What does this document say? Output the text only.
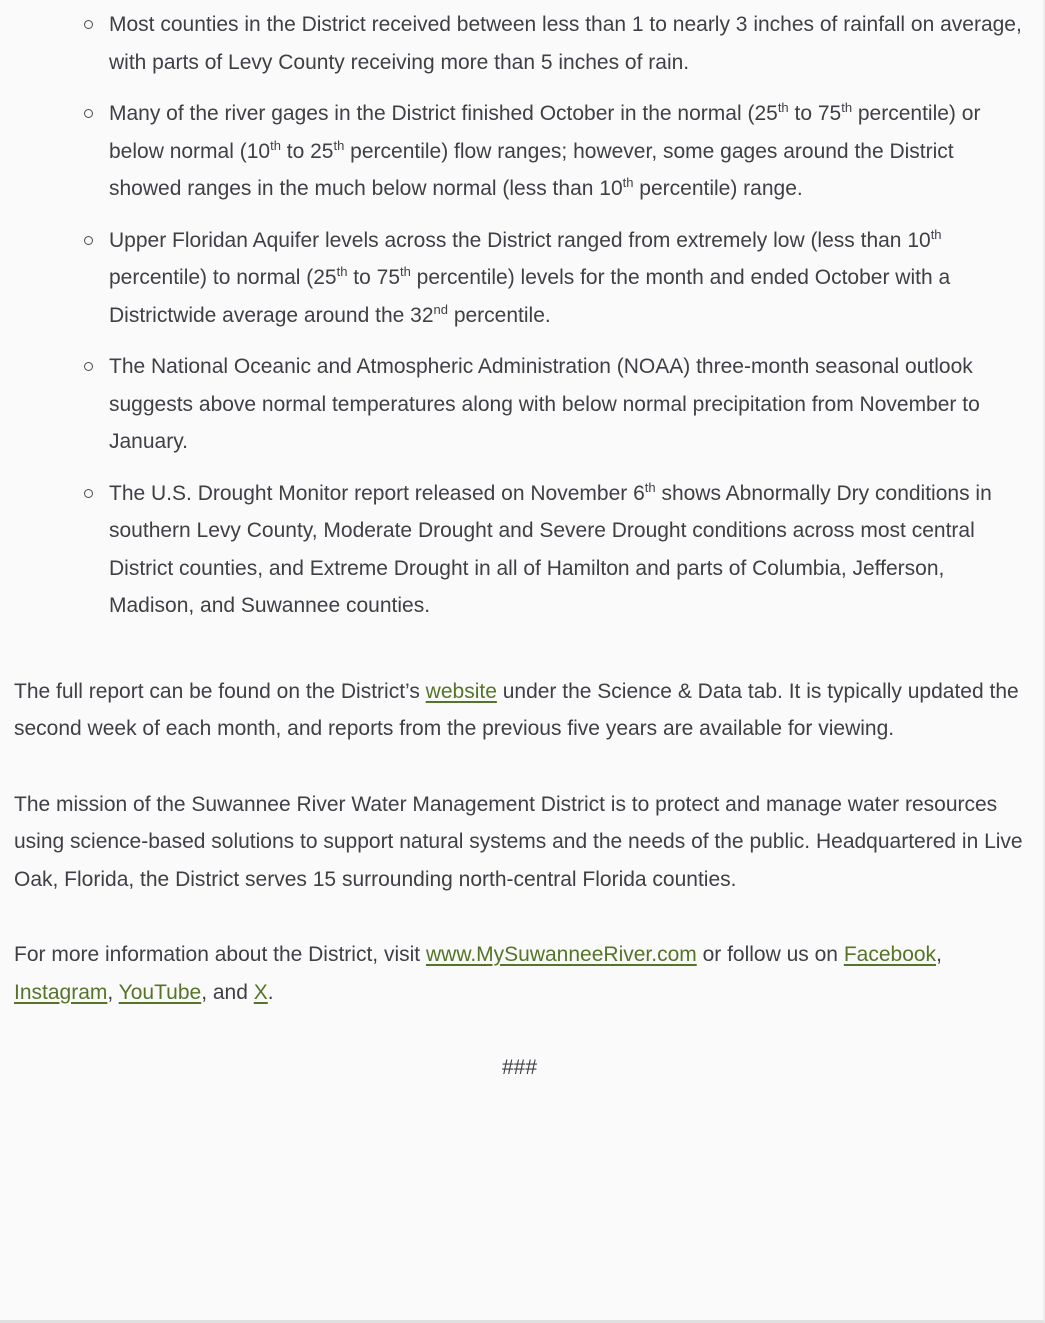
Most counties in the District received between less than 1 to nearly 3 inches of rainfall on average, with parts of Levy County receiving more than 5 inches of rain.
Many of the river gages in the District finished October in the normal (25th to 75th percentile) or below normal (10th to 25th percentile) flow ranges; however, some gages around the District showed ranges in the much below normal (less than 10th percentile) range.
Upper Floridan Aquifer levels across the District ranged from extremely low (less than 10th percentile) to normal (25th to 75th percentile) levels for the month and ended October with a Districtwide average around the 32nd percentile.
The National Oceanic and Atmospheric Administration (NOAA) three-month seasonal outlook suggests above normal temperatures along with below normal precipitation from November to January.
The U.S. Drought Monitor report released on November 6th shows Abnormally Dry conditions in southern Levy County, Moderate Drought and Severe Drought conditions across most central District counties, and Extreme Drought in all of Hamilton and parts of Columbia, Jefferson, Madison, and Suwannee counties.

The full report can be found on the District’s website under the Science & Data tab. It is typically updated the second week of each month, and reports from the previous five years are available for viewing.

The mission of the Suwannee River Water Management District is to protect and manage water resources using science-based solutions to support natural systems and the needs of the public. Headquartered in Live Oak, Florida, the District serves 15 surrounding north-central Florida counties.

For more information about the District, visit www.MySuwanneeRiver.com or follow us on Facebook, Instagram, YouTube, and X.

###
